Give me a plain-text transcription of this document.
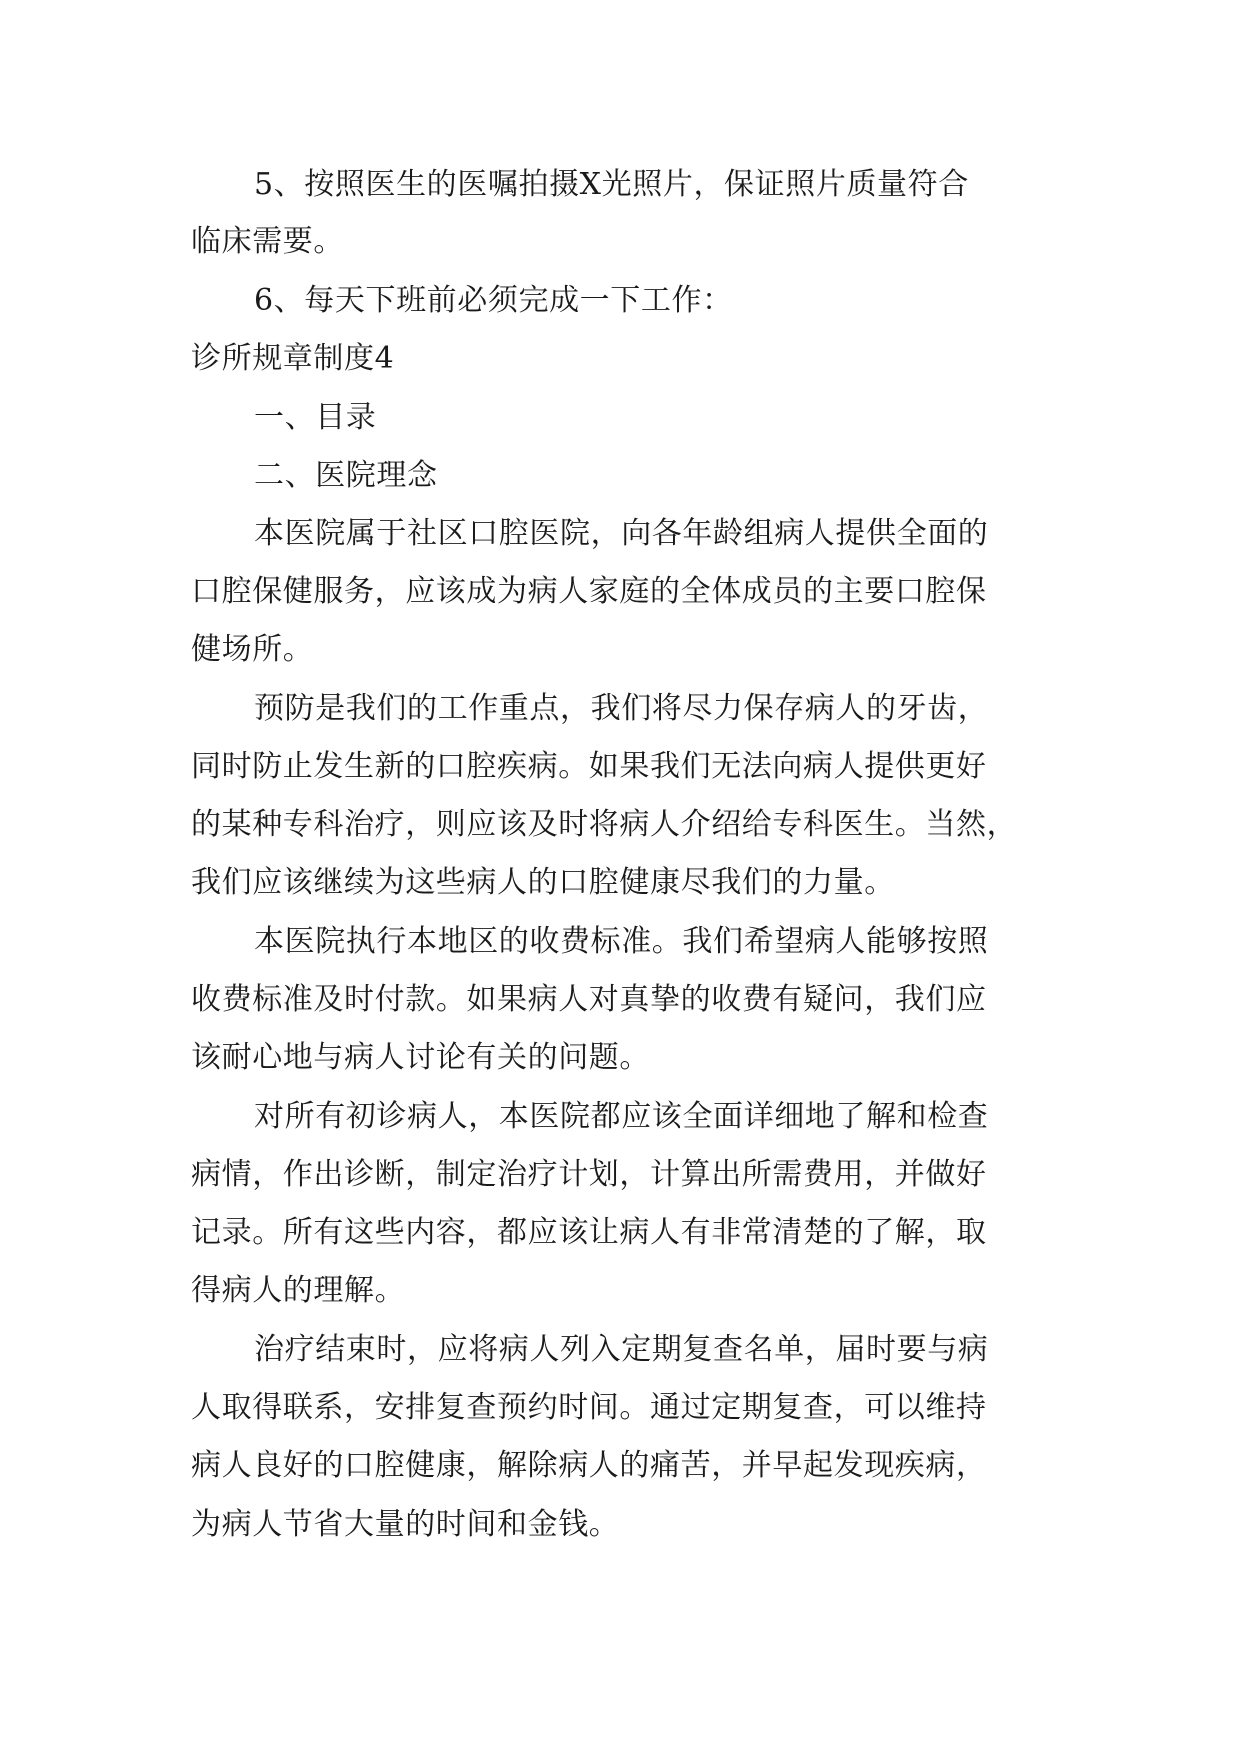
5、按照医生的医嘱拍摄X光照片，保证照片质量符合
临床需要。
6、每天下班前必须完成一下工作：
诊所规章制度4
一、目录
二、医院理念
本医院属于社区口腔医院，向各年龄组病人提供全面的
口腔保健服务，应该成为病人家庭的全体成员的主要口腔保
健场所。
预防是我们的工作重点，我们将尽力保存病人的牙齿，
同时防止发生新的口腔疾病。如果我们无法向病人提供更好
的某种专科治疗，则应该及时将病人介绍给专科医生。当然，
我们应该继续为这些病人的口腔健康尽我们的力量。
本医院执行本地区的收费标准。我们希望病人能够按照
收费标准及时付款。如果病人对真挚的收费有疑问，我们应
该耐心地与病人讨论有关的问题。
对所有初诊病人，本医院都应该全面详细地了解和检查
病情，作出诊断，制定治疗计划，计算出所需费用，并做好
记录。所有这些内容，都应该让病人有非常清楚的了解，取
得病人的理解。
治疗结束时，应将病人列入定期复查名单，届时要与病
人取得联系，安排复查预约时间。通过定期复查，可以维持
病人良好的口腔健康，解除病人的痛苦，并早起发现疾病，
为病人节省大量的时间和金钱。
